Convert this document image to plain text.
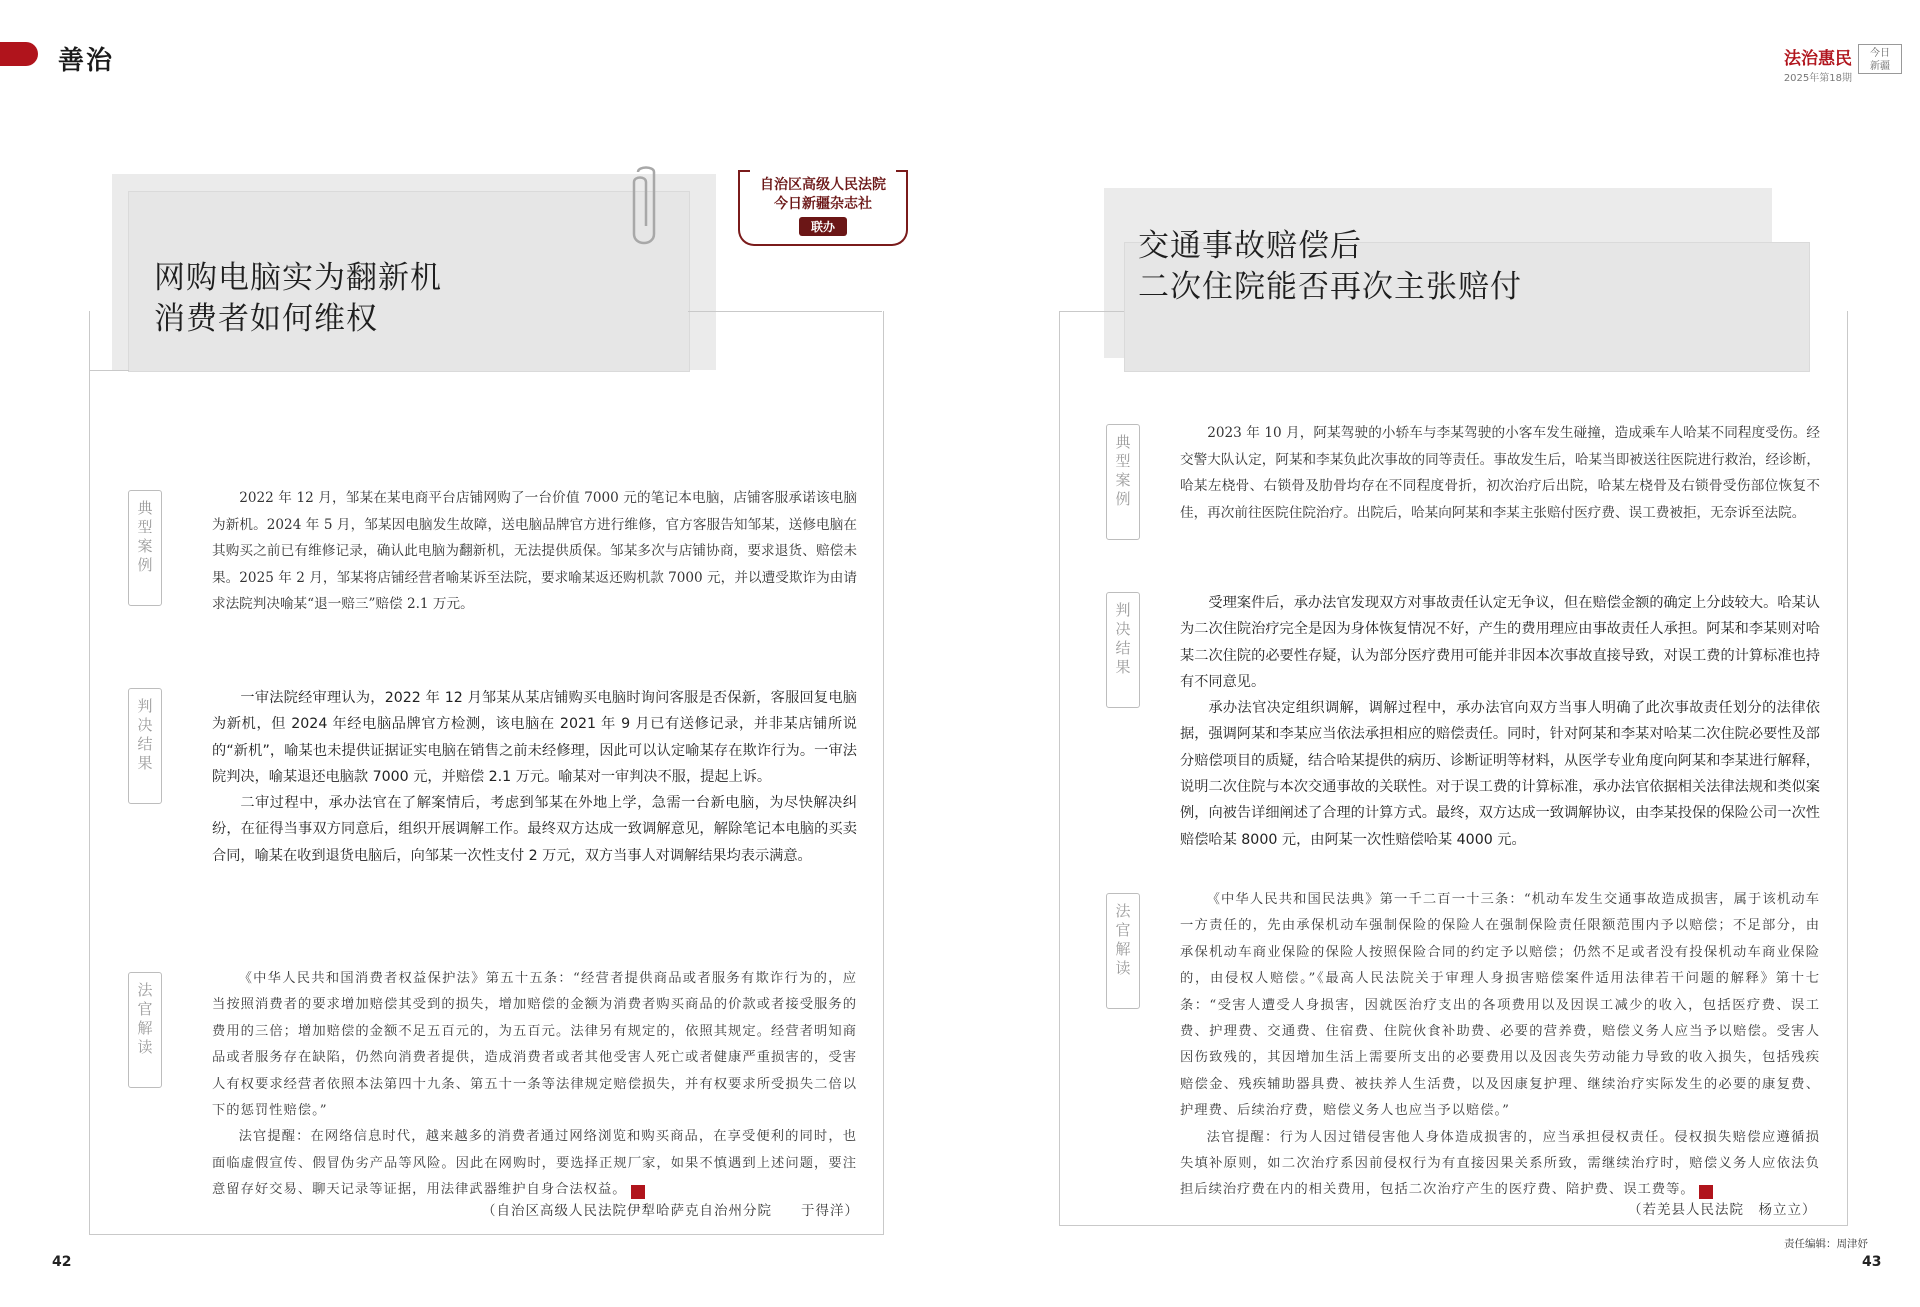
善治	法治惠民
2025年第18期
今日
新疆
网购电脑实为翻新机
消费者如何维权
自治区高级人民法院
今日新疆杂志社
联办
典
型
案
例
判
决
结
果
法
官
解
读

2022 年 12 月，邹某在某电商平台店铺网购了一台价值 7000 元的笔记本电脑，店铺客服承诺该电脑为新机。2024 年 5 月，邹某因电脑发生故障，送电脑品牌官方进行维修，官方客服告知邹某，送修电脑在其购买之前已有维修记录，确认此电脑为翻新机，无法提供质保。邹某多次与店铺协商，要求退货、赔偿未果。2025 年 2 月，邹某将店铺经营者喻某诉至法院，要求喻某返还购机款 7000 元，并以遭受欺诈为由请求法院判决喻某“退一赔三”赔偿 2.1 万元。

一审法院经审理认为，2022 年 12 月邹某从某店铺购买电脑时询问客服是否保新，客服回复电脑为新机，但 2024 年经电脑品牌官方检测，该电脑在 2021 年 9 月已有送修记录，并非某店铺所说的“新机”，喻某也未提供证据证实电脑在销售之前未经修理，因此可以认定喻某存在欺诈行为。一审法院判决，喻某退还电脑款 7000 元，并赔偿 2.1 万元。喻某对一审判决不服，提起上诉。

二审过程中，承办法官在了解案情后，考虑到邹某在外地上学，急需一台新电脑，为尽快解决纠纷，在征得当事双方同意后，组织开展调解工作。最终双方达成一致调解意见，解除笔记本电脑的买卖合同，喻某在收到退货电脑后，向邹某一次性支付 2 万元，双方当事人对调解结果均表示满意。

《中华人民共和国消费者权益保护法》第五十五条：“经营者提供商品或者服务有欺诈行为的，应当按照消费者的要求增加赔偿其受到的损失，增加赔偿的金额为消费者购买商品的价款或者接受服务的费用的三倍；增加赔偿的金额不足五百元的，为五百元。法律另有规定的，依照其规定。经营者明知商品或者服务存在缺陷，仍然向消费者提供，造成消费者或者其他受害人死亡或者健康严重损害的，受害人有权要求经营者依照本法第四十九条、第五十一条等法律规定赔偿损失，并有权要求所受损失二倍以下的惩罚性赔偿。”

法官提醒：在网络信息时代，越来越多的消费者通过网络浏览和购买商品，在享受便利的同时，也面临虚假宣传、假冒伪劣产品等风险。因此在网购时，要选择正规厂家，如果不慎遇到上述问题，要注意留存好交易、聊天记录等证据，用法律武器维护自身合法权益。	J

（自治区高级人民法院伊犁哈萨克自治州分院　　于得洋）
42
交通事故赔偿后
二次住院能否再次主张赔付
典
型
案
例
判
决
结
果
法
官
解
读

2023 年 10 月，阿某驾驶的小轿车与李某驾驶的小客车发生碰撞，造成乘车人哈某不同程度受伤。经交警大队认定，阿某和李某负此次事故的同等责任。事故发生后，哈某当即被送往医院进行救治，经诊断，哈某左桡骨、右锁骨及肋骨均存在不同程度骨折，初次治疗后出院，哈某左桡骨及右锁骨受伤部位恢复不佳，再次前往医院住院治疗。出院后，哈某向阿某和李某主张赔付医疗费、误工费被拒，无奈诉至法院。

受理案件后，承办法官发现双方对事故责任认定无争议，但在赔偿金额的确定上分歧较大。哈某认为二次住院治疗完全是因为身体恢复情况不好，产生的费用理应由事故责任人承担。阿某和李某则对哈某二次住院的必要性存疑，认为部分医疗费用可能并非因本次事故直接导致，对误工费的计算标准也持有不同意见。

承办法官决定组织调解，调解过程中，承办法官向双方当事人明确了此次事故责任划分的法律依据，强调阿某和李某应当依法承担相应的赔偿责任。同时，针对阿某和李某对哈某二次住院必要性及部分赔偿项目的质疑，结合哈某提供的病历、诊断证明等材料，从医学专业角度向阿某和李某进行解释，说明二次住院与本次交通事故的关联性。对于误工费的计算标准，承办法官依据相关法律法规和类似案例，向被告详细阐述了合理的计算方式。最终，双方达成一致调解协议，由李某投保的保险公司一次性赔偿哈某 8000 元，由阿某一次性赔偿哈某 4000 元。

《中华人民共和国民法典》第一千二百一十三条：“机动车发生交通事故造成损害，属于该机动车一方责任的，先由承保机动车强制保险的保险人在强制保险责任限额范围内予以赔偿；不足部分，由承保机动车商业保险的保险人按照保险合同的约定予以赔偿；仍然不足或者没有投保机动车商业保险的，由侵权人赔偿。”《最高人民法院关于审理人身损害赔偿案件适用法律若干问题的解释》第十七条：“受害人遭受人身损害，因就医治疗支出的各项费用以及因误工减少的收入，包括医疗费、误工费、护理费、交通费、住宿费、住院伙食补助费、必要的营养费，赔偿义务人应当予以赔偿。受害人因伤致残的，其因增加生活上需要所支出的必要费用以及因丧失劳动能力导致的收入损失，包括残疾赔偿金、残疾辅助器具费、被扶养人生活费，以及因康复护理、继续治疗实际发生的必要的康复费、护理费、后续治疗费，赔偿义务人也应当予以赔偿。”

法官提醒：行为人因过错侵害他人身体造成损害的，应当承担侵权责任。侵权损失赔偿应遵循损失填补原则，如二次治疗系因前侵权行为有直接因果关系所致，需继续治疗时，赔偿义务人应依法负担后续治疗费在内的相关费用，包括二次治疗产生的医疗费、陪护费、误工费等。	J

（若羌县人民法院　杨立立）
责任编辑：周津妤
43
